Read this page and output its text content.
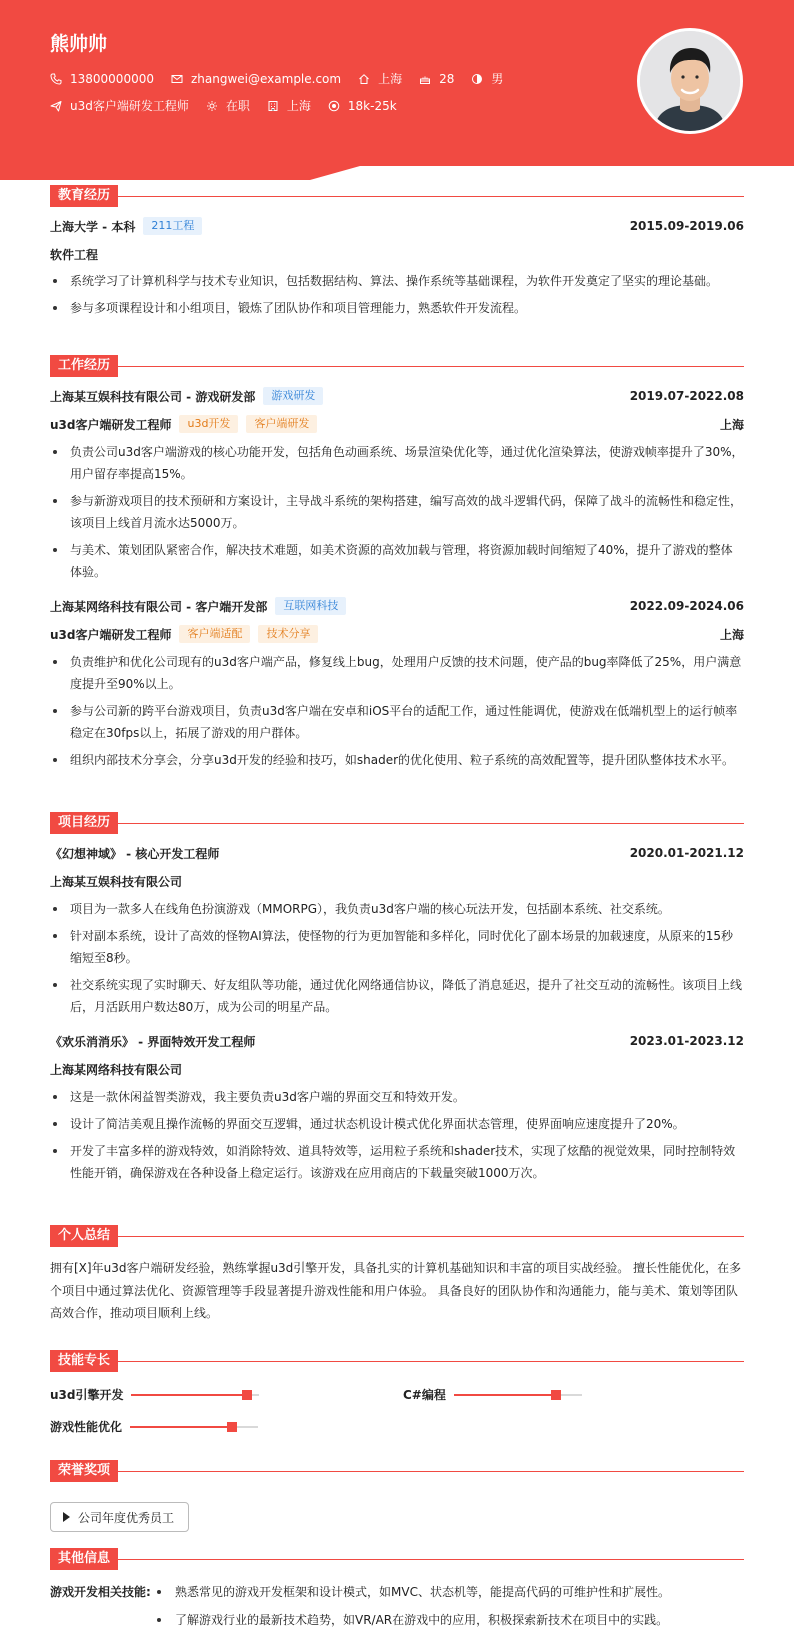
熊帅帅
13800000000	zhangwei@example.com	上海	28	男
u3d客户端研发工程师	在职	上海	18k-25k
教育经历
上海大学 - 本科	211工程	2015.09-2019.06
软件工程
系统学习了计算机科学与技术专业知识，包括数据结构、算法、操作系统等基础课程，为软件开发奠定了坚实的理论基础。
参与多项课程设计和小组项目，锻炼了团队协作和项目管理能力，熟悉软件开发流程。
工作经历
上海某互娱科技有限公司 - 游戏研发部	游戏研发	2019.07-2022.08
u3d客户端研发工程师	u3d开发	客户端研发	上海
负责公司u3d客户端游戏的核心功能开发，包括角色动画系统、场景渲染优化等，通过优化渲染算法，使游戏帧率提升了30%，用户留存率提高15%。
参与新游戏项目的技术预研和方案设计，主导战斗系统的架构搭建，编写高效的战斗逻辑代码，保障了战斗的流畅性和稳定性，该项目上线首月流水达5000万。
与美术、策划团队紧密合作，解决技术难题，如美术资源的高效加载与管理，将资源加载时间缩短了40%，提升了游戏的整体体验。
上海某网络科技有限公司 - 客户端开发部	互联网科技	2022.09-2024.06
u3d客户端研发工程师	客户端适配	技术分享	上海
负责维护和优化公司现有的u3d客户端产品，修复线上bug，处理用户反馈的技术问题，使产品的bug率降低了25%，用户满意度提升至90%以上。
参与公司新的跨平台游戏项目，负责u3d客户端在安卓和iOS平台的适配工作，通过性能调优，使游戏在低端机型上的运行帧率稳定在30fps以上，拓展了游戏的用户群体。
组织内部技术分享会，分享u3d开发的经验和技巧，如shader的优化使用、粒子系统的高效配置等，提升团队整体技术水平。
项目经历
《幻想神域》 - 核心开发工程师	2020.01-2021.12
上海某互娱科技有限公司
项目为一款多人在线角色扮演游戏（MMORPG），我负责u3d客户端的核心玩法开发，包括副本系统、社交系统。
针对副本系统，设计了高效的怪物AI算法，使怪物的行为更加智能和多样化，同时优化了副本场景的加载速度，从原来的15秒缩短至8秒。
社交系统实现了实时聊天、好友组队等功能，通过优化网络通信协议，降低了消息延迟，提升了社交互动的流畅性。该项目上线后，月活跃用户数达80万，成为公司的明星产品。
《欢乐消消乐》 - 界面特效开发工程师	2023.01-2023.12
上海某网络科技有限公司
这是一款休闲益智类游戏，我主要负责u3d客户端的界面交互和特效开发。
设计了简洁美观且操作流畅的界面交互逻辑，通过状态机设计模式优化界面状态管理，使界面响应速度提升了20%。
开发了丰富多样的游戏特效，如消除特效、道具特效等，运用粒子系统和shader技术，实现了炫酷的视觉效果，同时控制特效性能开销，确保游戏在各种设备上稳定运行。该游戏在应用商店的下载量突破1000万次。
个人总结
拥有[X]年u3d客户端研发经验，熟练掌握u3d引擎开发，具备扎实的计算机基础知识和丰富的项目实战经验。 擅长性能优化，在多个项目中通过算法优化、资源管理等手段显著提升游戏性能和用户体验。 具备良好的团队协作和沟通能力，能与美术、策划等团队高效合作，推动项目顺利上线。
技能专长
u3d引擎开发	C#编程
游戏性能优化
荣誉奖项
公司年度优秀员工
其他信息
游戏开发相关技能:	熟悉常见的游戏开发框架和设计模式，如MVC、状态机等，能提高代码的可维护性和扩展性。
了解游戏行业的最新技术趋势，如VR/AR在游戏中的应用，积极探索新技术在项目中的实践。
